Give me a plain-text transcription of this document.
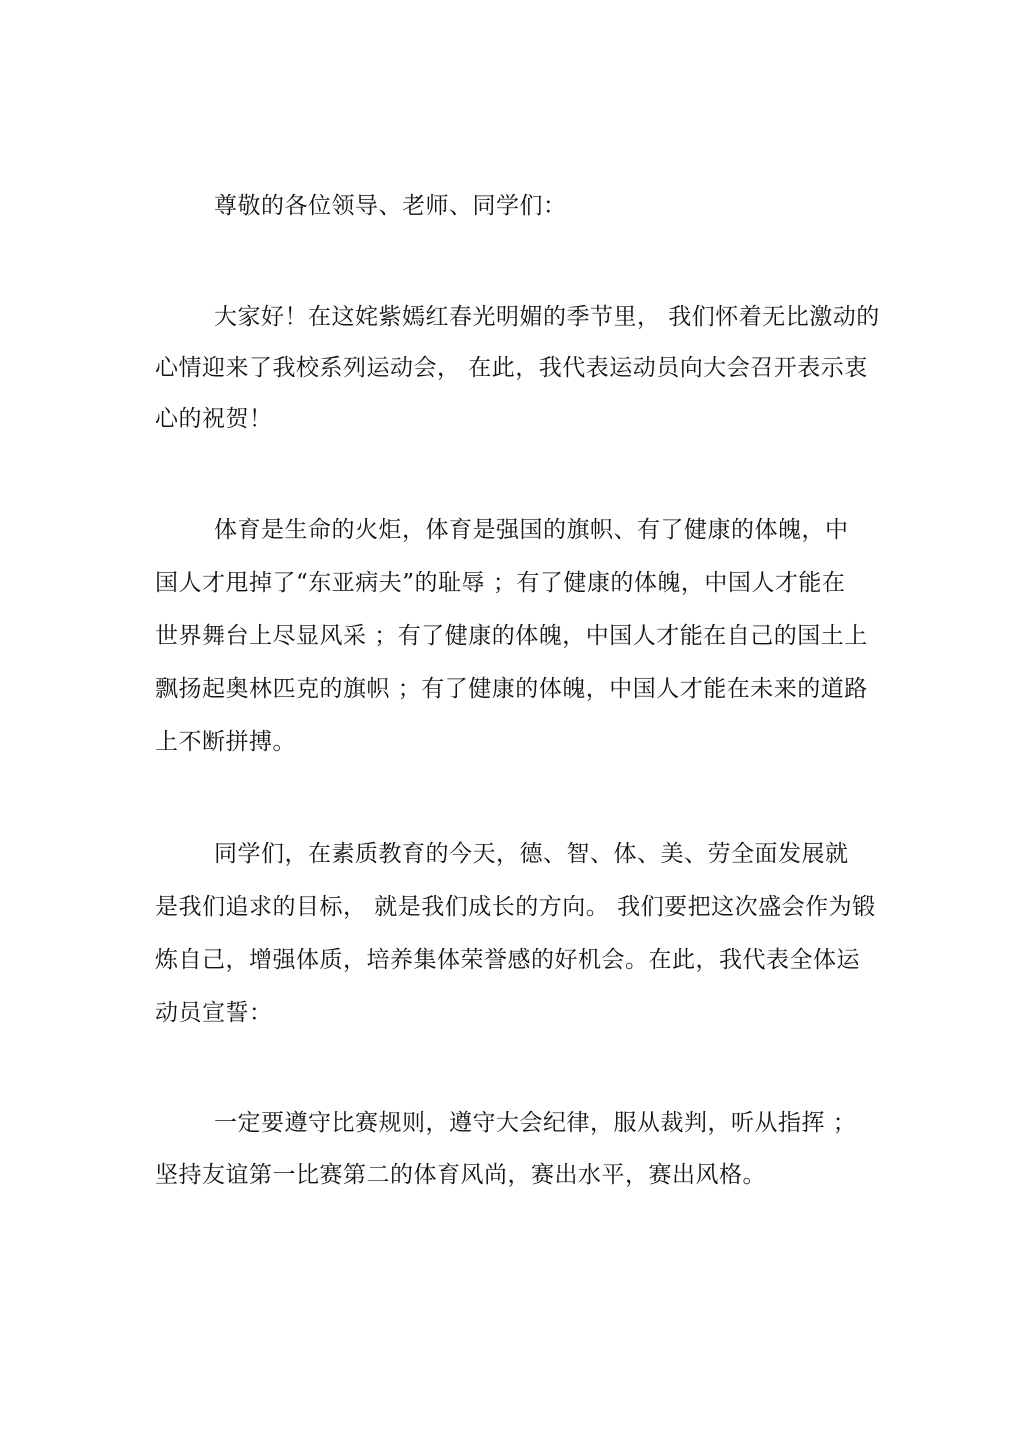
尊敬的各位领导、老师、同学们：
大家好！在这姹紫嫣红春光明媚的季节里， 我们怀着无比激动的
心情迎来了我校系列运动会， 在此，我代表运动员向大会召开表示衷
心的祝贺！
体育是生命的火炬，体育是强国的旗帜、有了健康的体魄，中
国人才甩掉了“东亚病夫”的耻辱 ；有了健康的体魄，中国人才能在
世界舞台上尽显风采 ；有了健康的体魄，中国人才能在自己的国土上
飘扬起奥林匹克的旗帜 ；有了健康的体魄，中国人才能在未来的道路
上不断拼搏。
同学们，在素质教育的今天，德、智、体、美、劳全面发展就
是我们追求的目标， 就是我们成长的方向。 我们要把这次盛会作为锻
炼自己，增强体质，培养集体荣誉感的好机会。在此，我代表全体运
动员宣誓：
一定要遵守比赛规则，遵守大会纪律，服从裁判，听从指挥 ；
坚持友谊第一比赛第二的体育风尚，赛出水平，赛出风格。
